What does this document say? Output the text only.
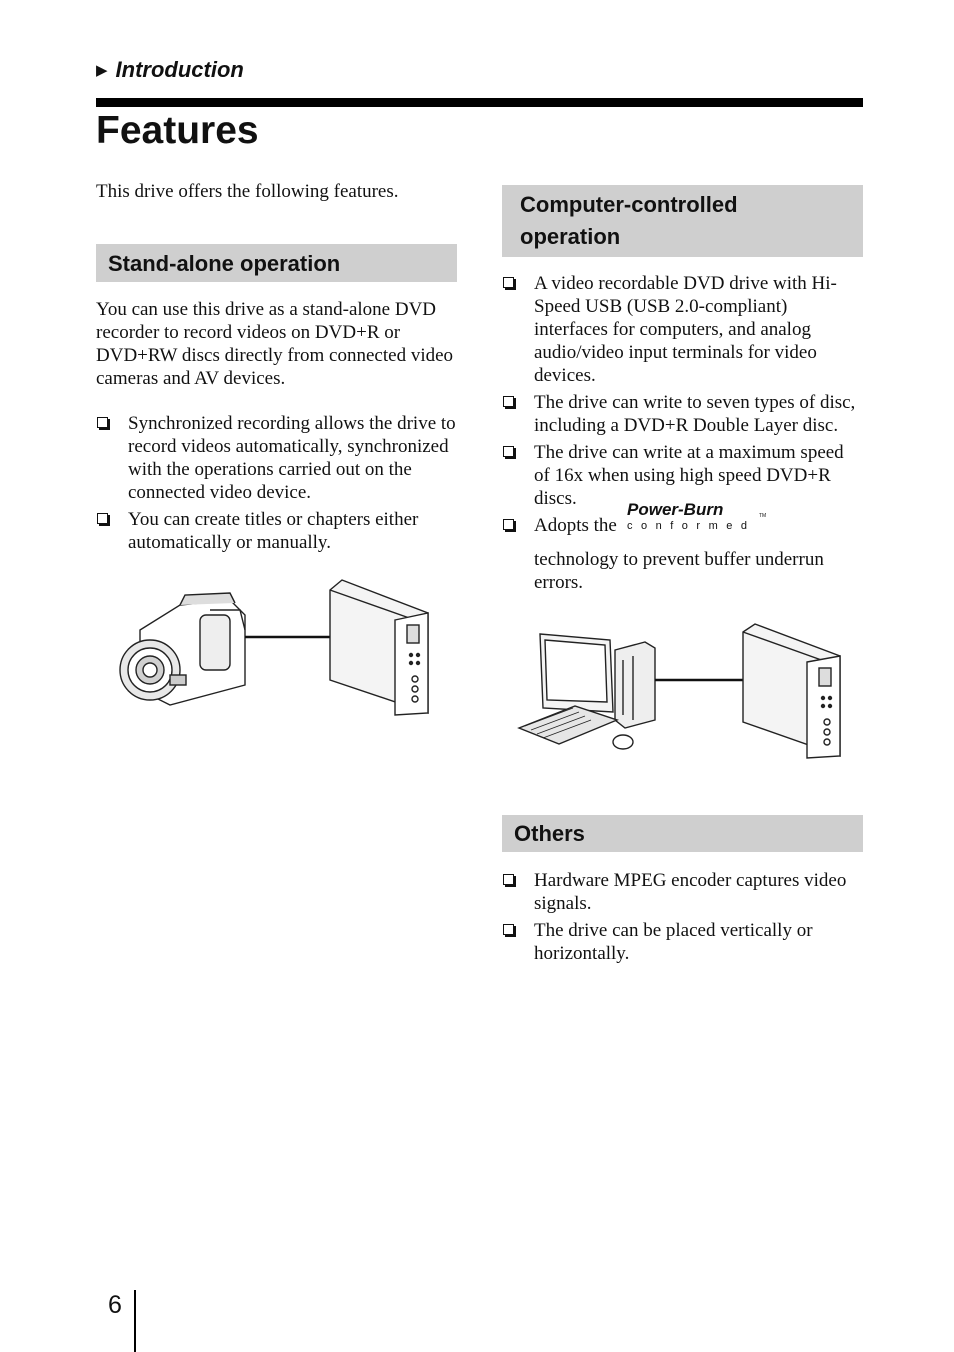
▶ Introduction
Features
This drive offers the following features.
Stand-alone operation
You can use this drive as a stand-alone DVD recorder to record videos on DVD+R or DVD+RW discs directly from connected video cameras and AV devices.
Synchronized recording allows the drive to record videos automatically, synchronized with the operations carried out on the connected video device.
You can create titles or chapters either automatically or manually.
Computer-controlled operation
A video recordable DVD drive with Hi-Speed USB (USB 2.0-compliant) interfaces for computers, and analog audio/video input terminals for video devices.
The drive can write to seven types of disc, including a DVD+R Double Layer disc.
The drive can write at a maximum speed of 16x when using high speed DVD+R discs.
Adopts the
Power-Burn	TM
conformed

technology to prevent buffer underrun errors.
Others
Hardware MPEG encoder captures video signals.
The drive can be placed vertically or horizontally.
6
